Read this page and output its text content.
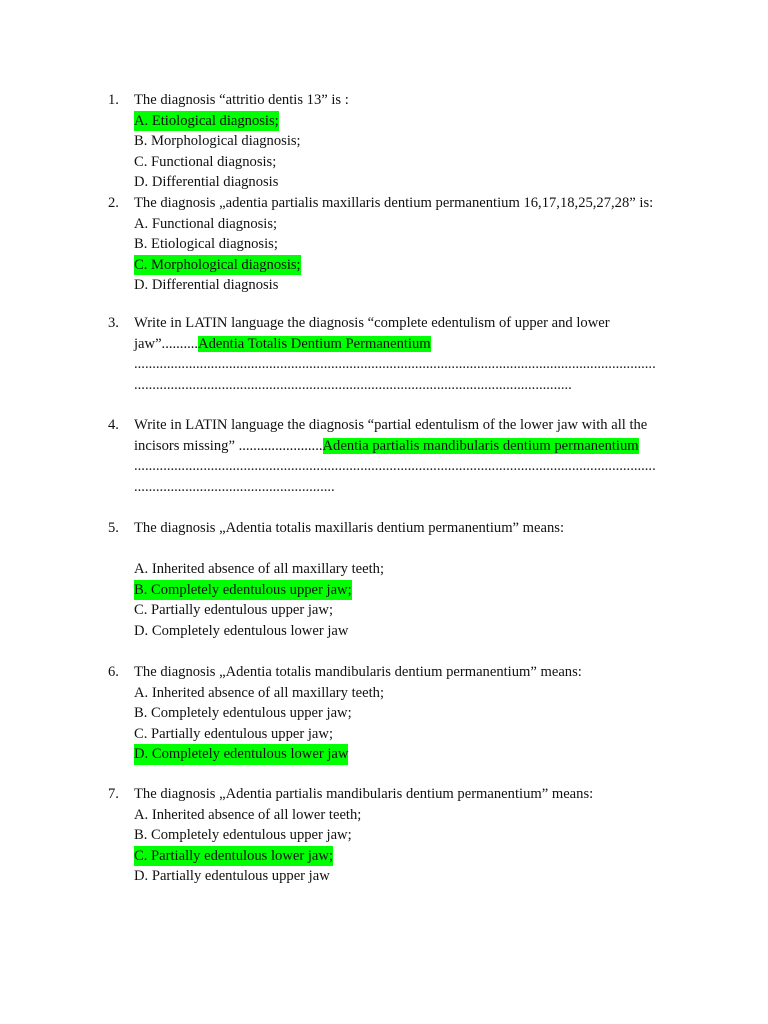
1. The diagnosis “attritio dentis 13” is :
A. Etiological diagnosis;
B. Morphological diagnosis;
C. Functional diagnosis;
D. Differential diagnosis
2. The diagnosis „adentia partialis maxillaris dentium permanentium 16,17,18,25,27,28” is:
A. Functional diagnosis;
B. Etiological diagnosis;
C. Morphological diagnosis;
D. Differential diagnosis
3. Write in LATIN language the diagnosis “complete edentulism of upper and lower
jaw”..........Adentia Totalis Dentium Permanentium
...............................................................................................................................................
........................................................................................................................
4. Write in LATIN language the diagnosis “partial edentulism of the lower jaw with all the
incisors missing” .......................Adentia partialis mandibularis dentium permanentium
...............................................................................................................................................
.......................................................
5. The diagnosis „Adentia totalis maxillaris dentium permanentium” means:
A. Inherited absence of all maxillary teeth;
B. Completely edentulous upper jaw;
C. Partially edentulous upper jaw;
D. Completely edentulous lower jaw
6. The diagnosis „Adentia totalis mandibularis dentium permanentium” means:
A. Inherited absence of all maxillary teeth;
B. Completely edentulous upper jaw;
C. Partially edentulous upper jaw;
D. Completely edentulous lower jaw
7. The diagnosis „Adentia partialis mandibularis dentium permanentium” means:
A. Inherited absence of all lower teeth;
B. Completely edentulous upper jaw;
C. Partially edentulous lower jaw;
D. Partially edentulous upper jaw
